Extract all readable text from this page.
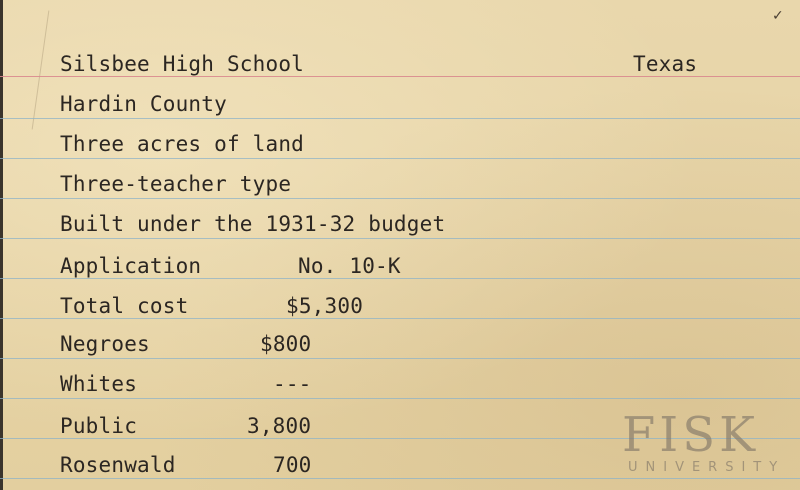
✓
Silsbee High School	Texas
Hardin County
Three acres of land
Three-teacher type
Built under the 1931-32 budget
Application	No. 10-K
Total cost	$5,300
Negroes	$800
Whites	---
Public	3,800
Rosenwald	700
FISK
UNIVERSITY
